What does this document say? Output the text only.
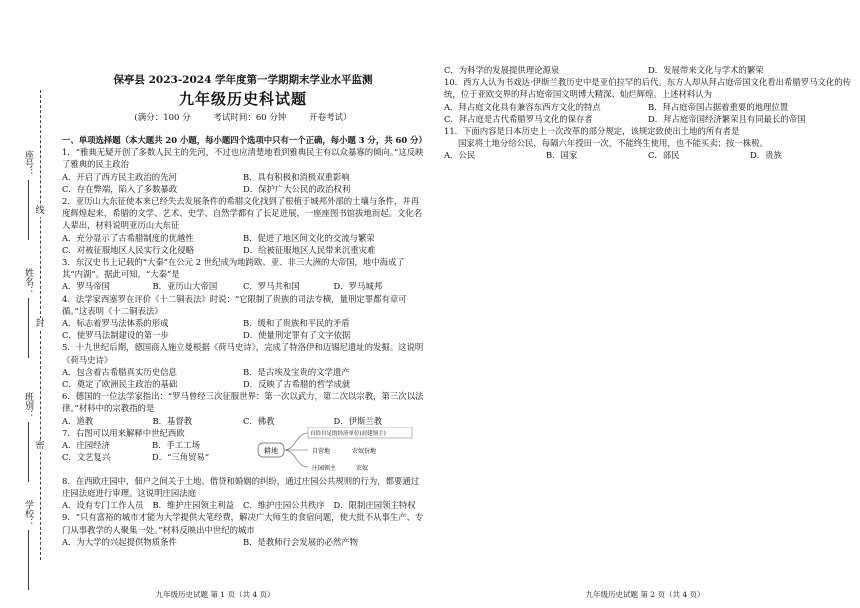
座号：
姓名：
班别：
学校：
线
封
密
保亭县 2023-2024 学年度第一学期期末学业水平监测
九年级历史科试题
(满分：100 分	考试时间：60 分钟	开卷考试）
一、单项选择题（本大题共 20 小题，每小题四个选项中只有一个正确，每小题 3 分，共 60 分）
1．“雅典无疑开创了多数人民主的先河，不过也应清楚地看到雅典民主有以众暴寡的倾向。”这反映了雅典的民主政治
A．开启了西方民主政治的先河	B．具有积极和消极双重影响
C．存在弊端，陷入了多数暴政	D．保护广大公民的政治权利
2．亚历山大东征使本来已经失去发展条件的希腊文化找到了根植于城邦外部的土壤与条件，并再度辉煌起来，希腊的文学、艺术、史学、自然学都有了长足进展，一座座图书馆拔地而起。文化名人辈出，材料说明亚历山大东征
A．充分显示了古希腊制度的优越性	B．促进了地区间文化的交流与繁荣
C．对被征服地区人民实行文化侵略	D．给被征服地区人民带来沉重灾难
3．东汉史书上记载的“大秦”在公元 2 世纪成为地跨欧、亚、非三大洲的大帝国，地中海成了其“内湖”。据此可知，“大秦”是
A．罗马帝国	B．亚历山大帝国	C．罗马共和国	D．罗马城邦
4．法学家西塞罗在评价《十二铜表法》时说：“它限制了贵族的司法专横，量刑定罪都有章可循。”这表明《十二铜表法》
A．标志着罗马法体系的形成	B．缓和了贵族和平民的矛盾
C．使罗马法制建设的第一步	D．使量刑定罪有了文字依据
5．十九世纪后期，德国商人施立曼根据《荷马史诗》，完成了特洛伊和迈锡尼遗址的发掘。这说明《荷马史诗》
A．包含着古希腊真实历史信息	B．是古埃及宝贵的文学遗产
C．奠定了欧洲民主政治的基础	D．反映了古希腊的哲学成就
6．德国的一位法学家指出：“罗马曾经三次征服世界：第一次以武力，第二次以宗教，第三次以法律。”材料中的宗教指的是
A．道教	B．基督教	C．佛教	D．伊斯兰教
7．右图可以用来解释中世纪西欧
A．庄园经济	B．手工工场
C．文艺复兴	D．“三角贸易”
耕地
自给自足的经济单位(封建领主)
自营地	农奴份地
庄园领主	农奴
8．在西欧庄园中，佃户之间关于土地、借贷和婚姻的纠纷，通过庄园公共规则的行为，都要通过庄园法庭进行审理。这说明庄园法庭
A．设有专门工作人员	B．维护庄园领主利益	C．维护庄园公共秩序	D．限制庄园领主特权
9．“只有富裕的城市才能为大学提供大笔经费，解决广大师生的食宿问题，使大批不从事生产、专门从事教学的人聚集一处。”材料反映出中世纪的城市
A．为大学的兴起提供物质条件	B．是教师行会发展的必然产物
九年级历史试题 第 1 页（共 4 页）
C．为科学的发展提供理论源泉	D．发展带来文化与学术的繁荣
10．西方人认为书戏达·伊斯兰教历史中是亚伯拉罕的后代。东方人却从拜占庭帝国文化看出希腊罗马文化的传统，位于亚欧交界的拜占庭帝国文明博大精深、灿烂辉煌。上述材料认为
A．拜占庭文化具有兼容东西方文化的特点	B．拜占庭帝国占据着重要的地理位置
C．拜占庭是古代希腊罗马文化的保存者	D．拜占庭帝国经济繁荣且有同最长的帝国
11．下面内容是日本历史上一次改革的部分规定，该规定致使出土地的所有者是
国家将土地分给公民，每隔六年授田一次，不能终生使用，也不能买卖；按一株税。
A．公民	B．国家	C．部民	D．贵族
九年级历史试题 第 2 页（共 4 页）
